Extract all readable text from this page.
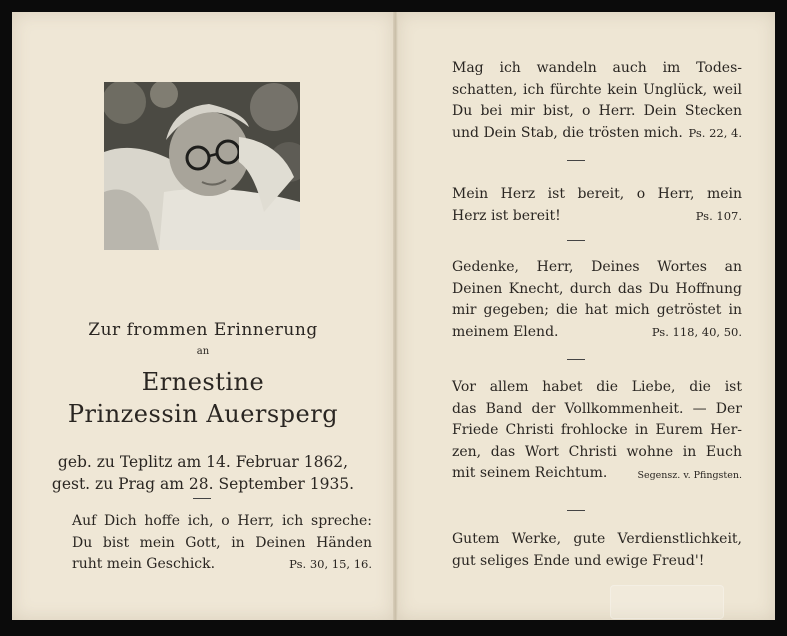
Zur frommen Erinnerung
an
Ernestine
Prinzessin Auersperg
geb. zu Teplitz am 14. Februar 1862,
gest. zu Prag am 28. September 1935.
Auf Dich hoffe ich, o Herr, ich spreche:
Du bist mein Gott, in Deinen Händen
ruht mein Geschick.	Ps. 30, 15, 16.
Mag ich wandeln auch im Todes-
schatten, ich fürchte kein Unglück, weil
Du bei mir bist, o Herr. Dein Stecken
und Dein Stab, die trösten mich. Ps. 22, 4.
Mein Herz ist bereit, o Herr, mein
Herz ist bereit!	Ps. 107.
Gedenke, Herr, Deines Wortes an
Deinen Knecht, durch das Du Hoffnung
mir gegeben; die hat mich getröstet in
meinem Elend.	Ps. 118, 40, 50.
Vor allem habet die Liebe, die ist
das Band der Vollkommenheit. — Der
Friede Christi frohlocke in Eurem Her-
zen, das Wort Christi wohne in Euch
mit seinem Reichtum.	Segensz. v. Pfingsten.
Gutem Werke, gute Verdienstlichkeit,
gut seliges Ende und ewige Freud'!
